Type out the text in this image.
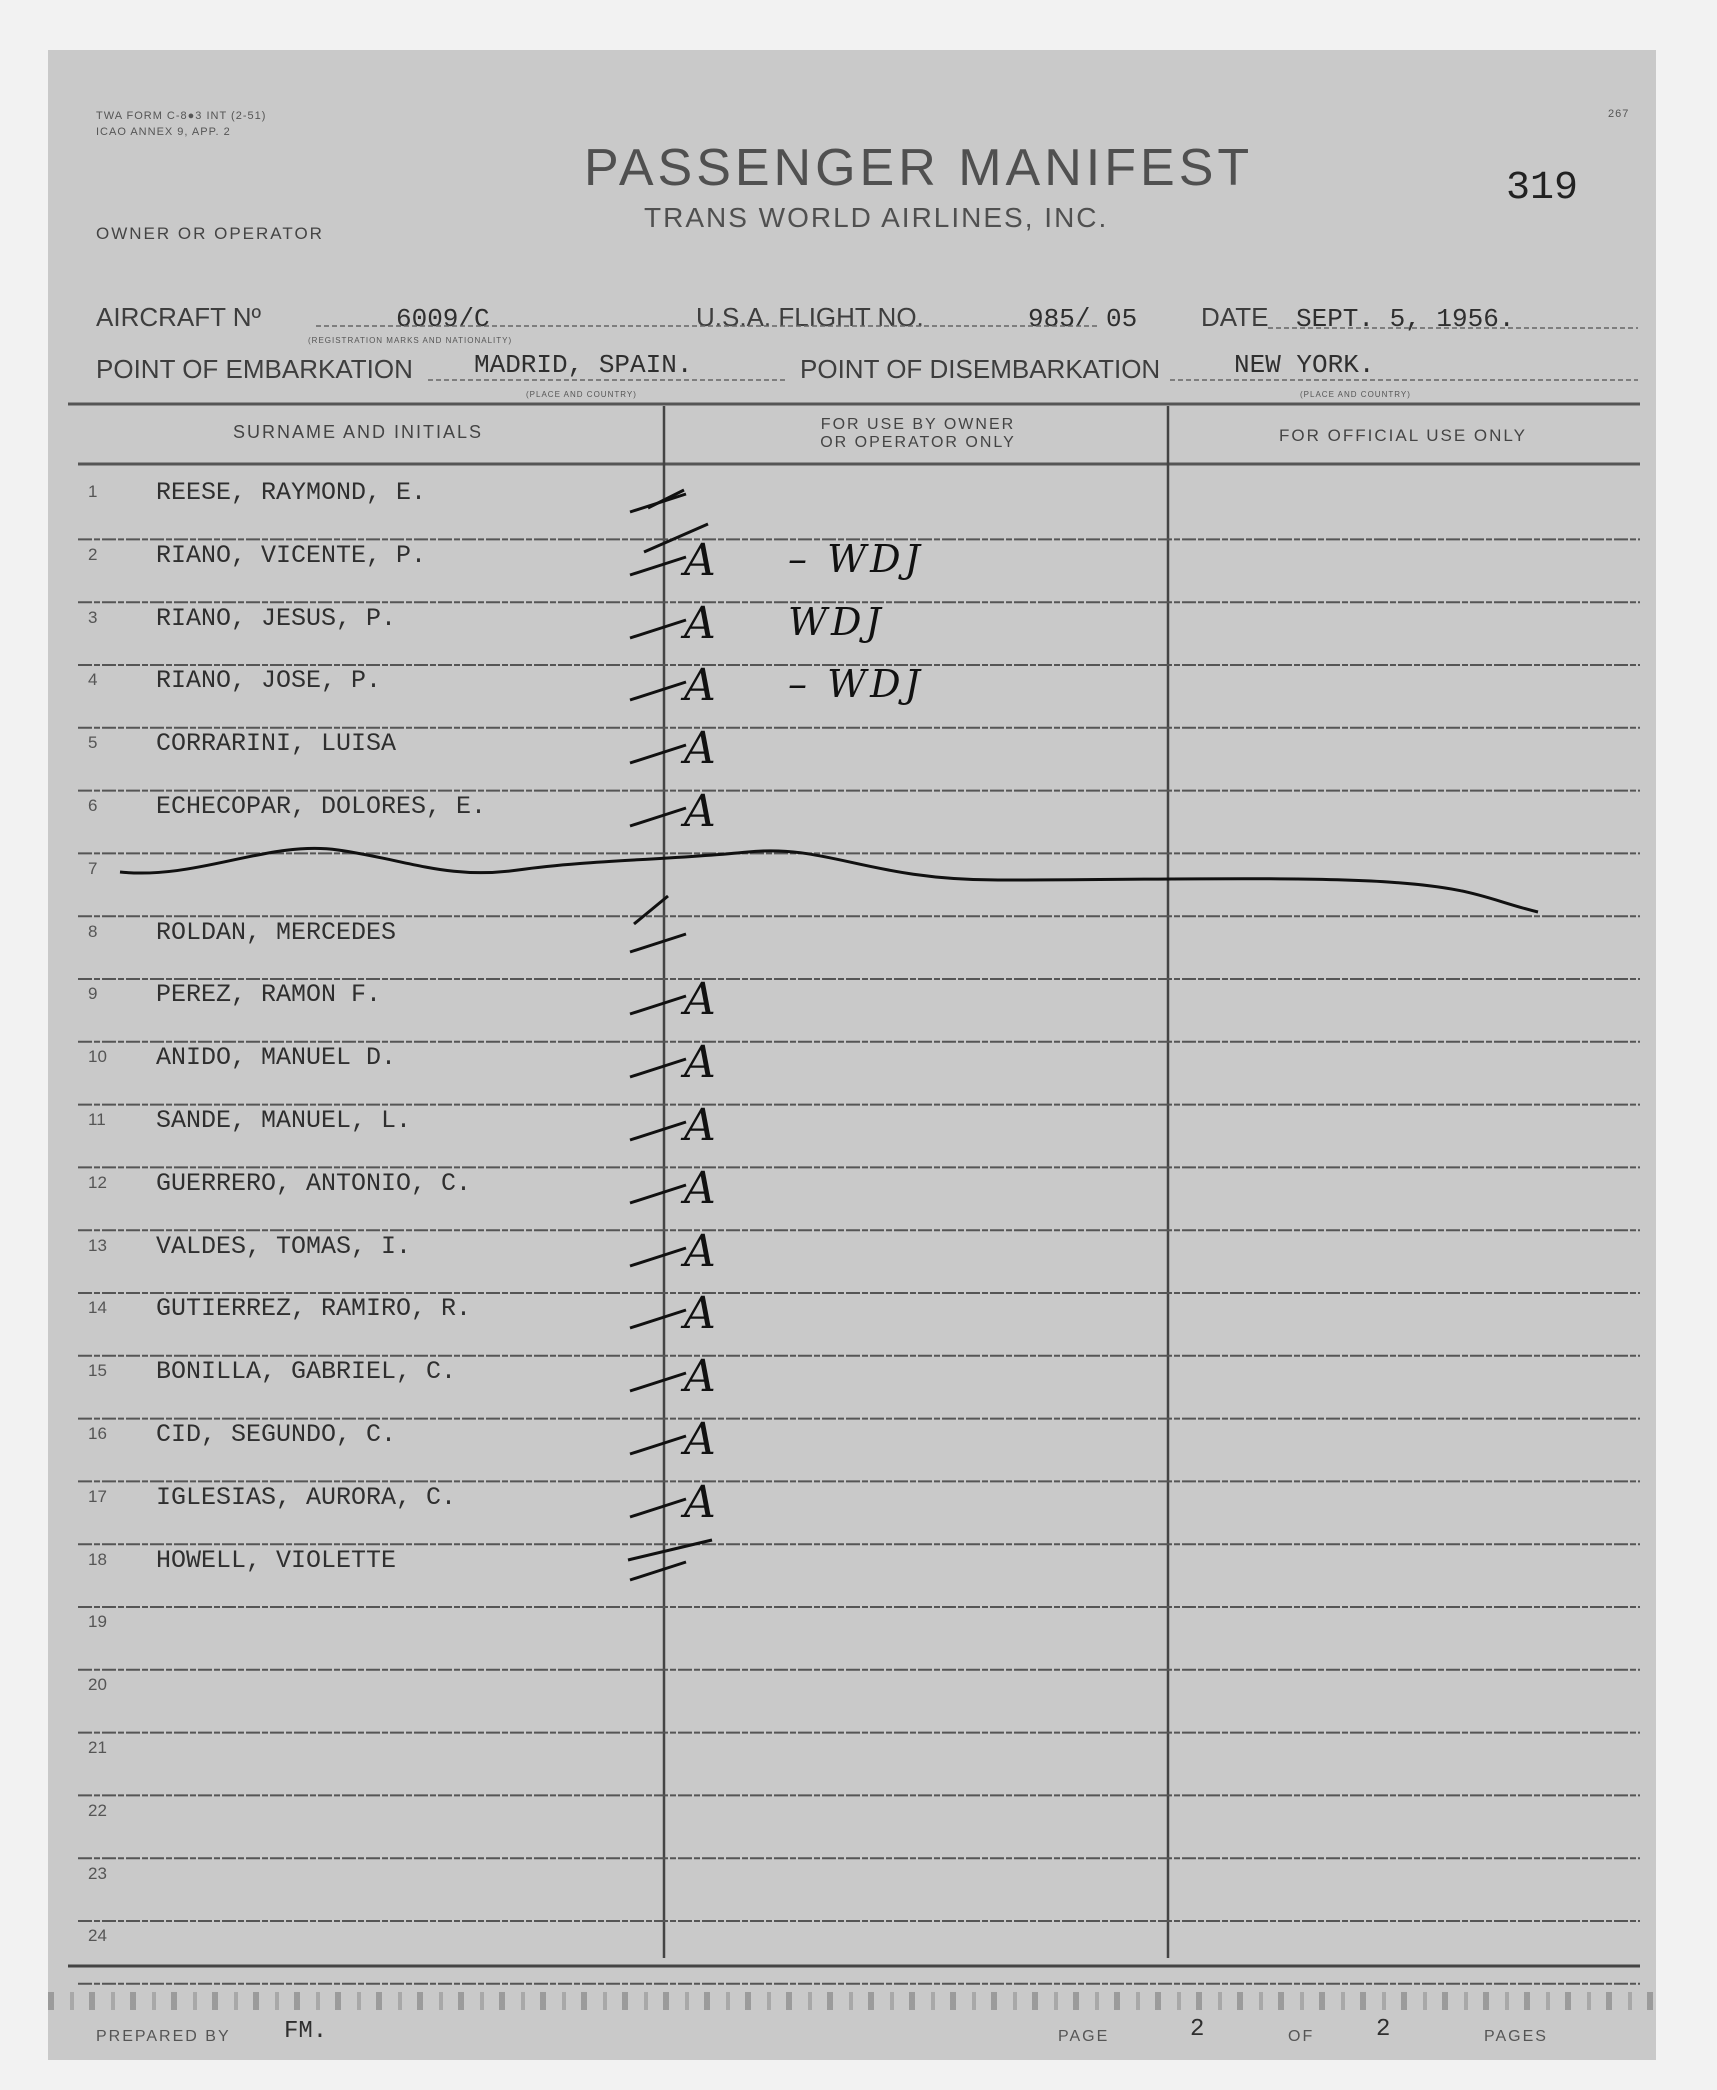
TWA FORM C-8●3 INT (2-51)
ICAO ANNEX 9, APP. 2
267
PASSENGER MANIFEST
TRANS WORLD AIRLINES, INC.
319
OWNER OR OPERATOR
AIRCRAFT Nº	6009/C
(REGISTRATION MARKS AND NATIONALITY)
U.S.A. FLIGHT NO.	985/ 05 DATE SEPT. 5, 1956.
POINT OF EMBARKATION MADRID, SPAIN.
(PLACE AND COUNTRY)
POINT OF DISEMBARKATION	NEW YORK.
(PLACE AND COUNTRY)
SURNAME AND INITIALS	FOR USE BY OWNER
OR OPERATOR ONLY	FOR OFFICIAL USE ONLY
1	REESE, RAYMOND, E.
2	RIANO, VICENTE, P.	A – WDJ
3	RIANO, JESUS, P.	A WDJ
4	RIANO, JOSE, P.	A – WDJ
5	CORRARINI, LUISA	A
6	ECHECOPAR, DOLORES, E.	A
7
8	ROLDAN, MERCEDES
9	PEREZ, RAMON F.	A
10	ANIDO, MANUEL D.	A
11	SANDE, MANUEL, L.	A
12	GUERRERO, ANTONIO, C.	A
13	VALDES, TOMAS, I.	A
14	GUTIERREZ, RAMIRO, R.	A
15	BONILLA, GABRIEL, C.	A
16	CID, SEGUNDO, C.	A
17	IGLESIAS, AURORA, C.	A
18	HOWELL, VIOLETTE
19
20
21
22
23
24
PREPARED BY FM.	PAGE	2	OF	2	PAGES
